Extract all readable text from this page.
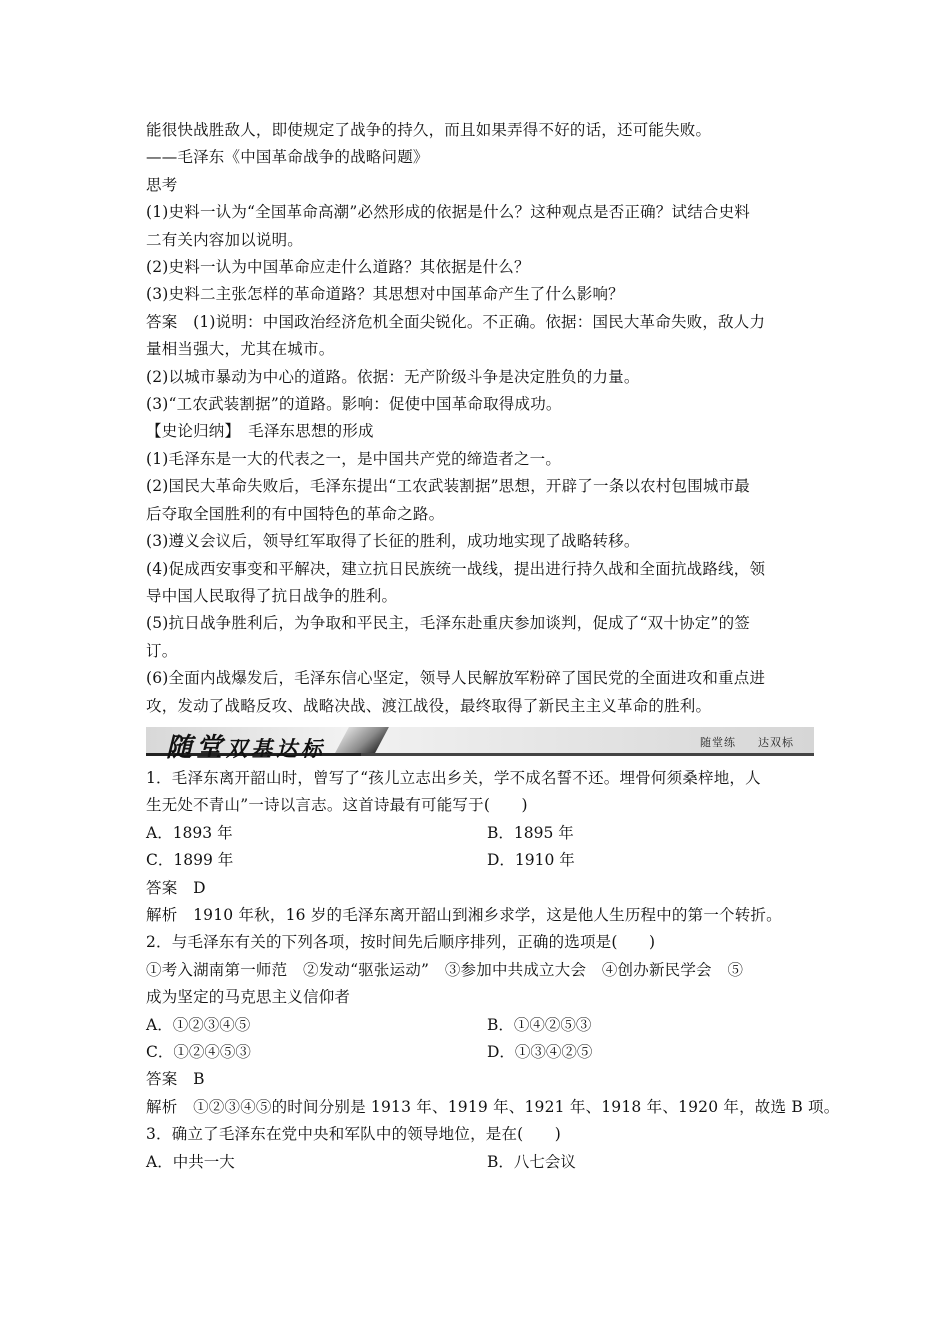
能很快战胜敌人，即使规定了战争的持久，而且如果弄得不好的话，还可能失败。
——毛泽东《中国革命战争的战略问题》
思考
(1)史料一认为“全国革命高潮”必然形成的依据是什么？这种观点是否正确？试结合史料
二有关内容加以说明。
(2)史料一认为中国革命应走什么道路？其依据是什么？
(3)史料二主张怎样的革命道路？其思想对中国革命产生了什么影响？
答案　(1)说明：中国政治经济危机全面尖锐化。不正确。依据：国民大革命失败，敌人力
量相当强大，尤其在城市。
(2)以城市暴动为中心的道路。依据：无产阶级斗争是决定胜负的力量。
(3)“工农武装割据”的道路。影响：促使中国革命取得成功。
【史论归纳】　毛泽东思想的形成
(1)毛泽东是一大的代表之一，是中国共产党的缔造者之一。
(2)国民大革命失败后，毛泽东提出“工农武装割据”思想，开辟了一条以农村包围城市最
后夺取全国胜利的有中国特色的革命之路。
(3)遵义会议后，领导红军取得了长征的胜利，成功地实现了战略转移。
(4)促成西安事变和平解决，建立抗日民族统一战线，提出进行持久战和全面抗战路线，领
导中国人民取得了抗日战争的胜利。
(5)抗日战争胜利后，为争取和平民主，毛泽东赴重庆参加谈判，促成了“双十协定”的签
订。
(6)全面内战爆发后，毛泽东信心坚定，领导人民解放军粉碎了国民党的全面进攻和重点进
攻，发动了战略反攻、战略决战、渡江战役，最终取得了新民主主义革命的胜利。
随堂双基达标	随堂练 达双标
1．毛泽东离开韶山时，曾写了“孩儿立志出乡关，学不成名誓不还。埋骨何须桑梓地，人
生无处不青山”一诗以言志。这首诗最有可能写于(　　)
A．1893 年	B．1895 年
C．1899 年	D．1910 年
答案　D
解析　1910 年秋，16 岁的毛泽东离开韶山到湘乡求学，这是他人生历程中的第一个转折。
2．与毛泽东有关的下列各项，按时间先后顺序排列，正确的选项是(　　)
①考入湖南第一师范　②发动“驱张运动”　③参加中共成立大会　④创办新民学会　⑤
成为坚定的马克思主义信仰者
A．①②③④⑤	B．①④②⑤③
C．①②④⑤③	D．①③④②⑤
答案　B
解析　①②③④⑤的时间分别是 1913 年、1919 年、1921 年、1918 年、1920 年，故选 B 项。
3．确立了毛泽东在党中央和军队中的领导地位，是在(　　)
A．中共一大	B．八七会议
